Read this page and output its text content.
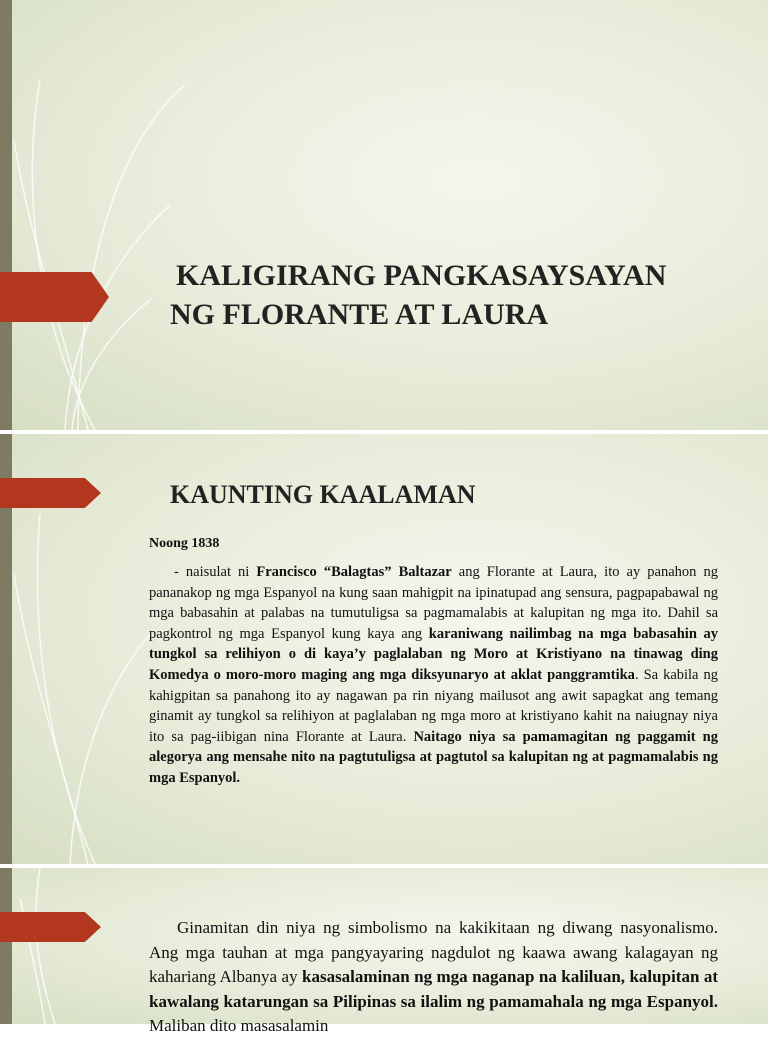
KALIGIRANG PANGKASAYSAYAN
NG FLORANTE AT LAURA
KAUNTING KAALAMAN

Noong 1838

- naisulat ni Francisco “Balagtas” Baltazar ang Florante at Laura, ito ay panahon ng pananakop ng mga Espanyol na kung saan mahigpit na ipinatupad ang sensura, pagpapabawal ng mga babasahin at palabas na tumutuligsa sa pagmamalabis at kalupitan ng mga ito. Dahil sa pagkontrol ng mga Espanyol kung kaya ang karaniwang nailimbag na mga babasahin ay tungkol sa relihiyon o di kaya’y paglalaban ng Moro at Kristiyano na tinawag ding Komedya o moro-moro maging ang mga diksyunaryo at aklat panggramtika. Sa kabila ng kahigpitan sa panahong ito ay nagawan pa rin niyang mailusot ang awit sapagkat ang temang ginamit ay tungkol sa relihiyon at paglalaban ng mga moro at kristiyano kahit na naiugnay niya ito sa pag-iibigan nina Florante at Laura. Naitago niya sa pamamagitan ng paggamit ng alegorya ang mensahe nito na pagtutuligsa at pagtutol sa kalupitan ng at pagmamalabis ng mga Espanyol.

Ginamitan din niya ng simbolismo na kakikitaan ng diwang nasyonalismo. Ang mga tauhan at mga pangyayaring nagdulot ng kaawa awang kalagayan ng kahariang Albanya ay kasasalaminan ng mga naganap na kaliluan, kalupitan at kawalang katarungan sa Pilipinas sa ilalim ng pamamahala ng mga Espanyol. Maliban dito masasalamin
